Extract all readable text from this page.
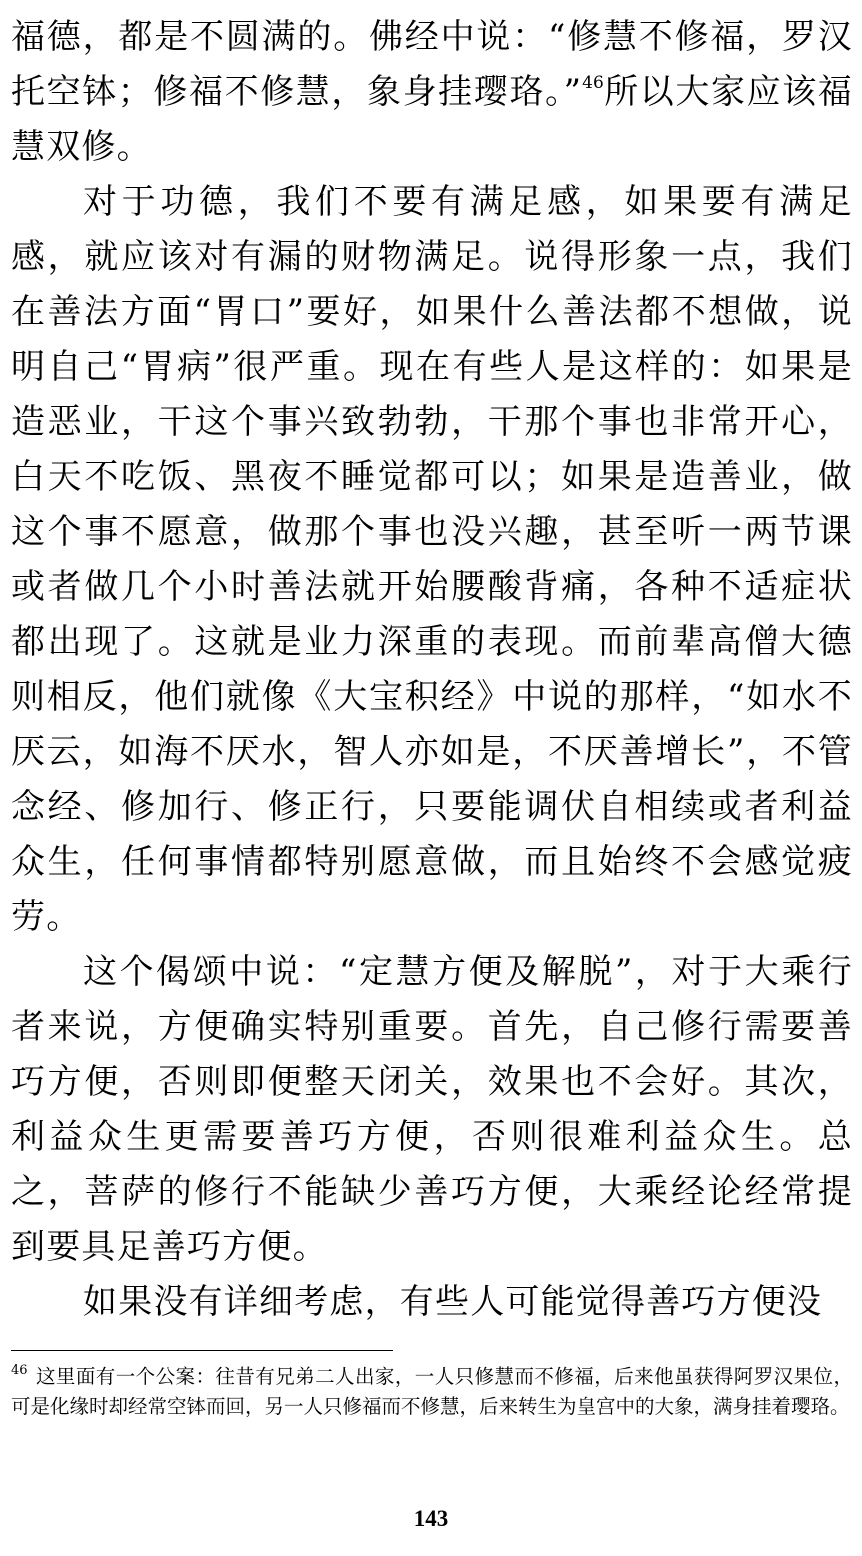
福德，都是不圆满的。佛经中说：“修慧不修福，罗汉托空钵；修福不修慧，象身挂璎珞。”$^{46}$所以大家应该福慧双修。

对于功德，我们不要有满足感，如果要有满足感，就应该对有漏的财物满足。说得形象一点，我们在善法方面“胃口”要好，如果什么善法都不想做，说明自己“胃病”很严重。现在有些人是这样的：如果是造恶业，干这个事兴致勃勃，干那个事也非常开心，白天不吃饭、黑夜不睡觉都可以；如果是造善业，做这个事不愿意，做那个事也没兴趣，甚至听一两节课或者做几个小时善法就开始腰酸背痛，各种不适症状都出现了。这就是业力深重的表现。而前辈高僧大德则相反，他们就像《大宝积经》中说的那样，“如水不厌云，如海不厌水，智人亦如是，不厌善增长”，不管念经、修加行、修正行，只要能调伏自相续或者利益众生，任何事情都特别愿意做，而且始终不会感觉疲劳。

这个偈颂中说：“定慧方便及解脱”，对于大乘行者来说，方便确实特别重要。首先，自己修行需要善巧方便，否则即便整天闭关，效果也不会好。其次，利益众生更需要善巧方便，否则很难利益众生。总之，菩萨的修行不能缺少善巧方便，大乘经论经常提到要具足善巧方便。

如果没有详细考虑，有些人可能觉得善巧方便没

$^{46}$ 这里面有一个公案：往昔有兄弟二人出家，一人只修慧而不修福，后来他虽获得阿罗汉果位，可是化缘时却经常空钵而回，另一人只修福而不修慧，后来转生为皇宫中的大象，满身挂着璎珞。
143
